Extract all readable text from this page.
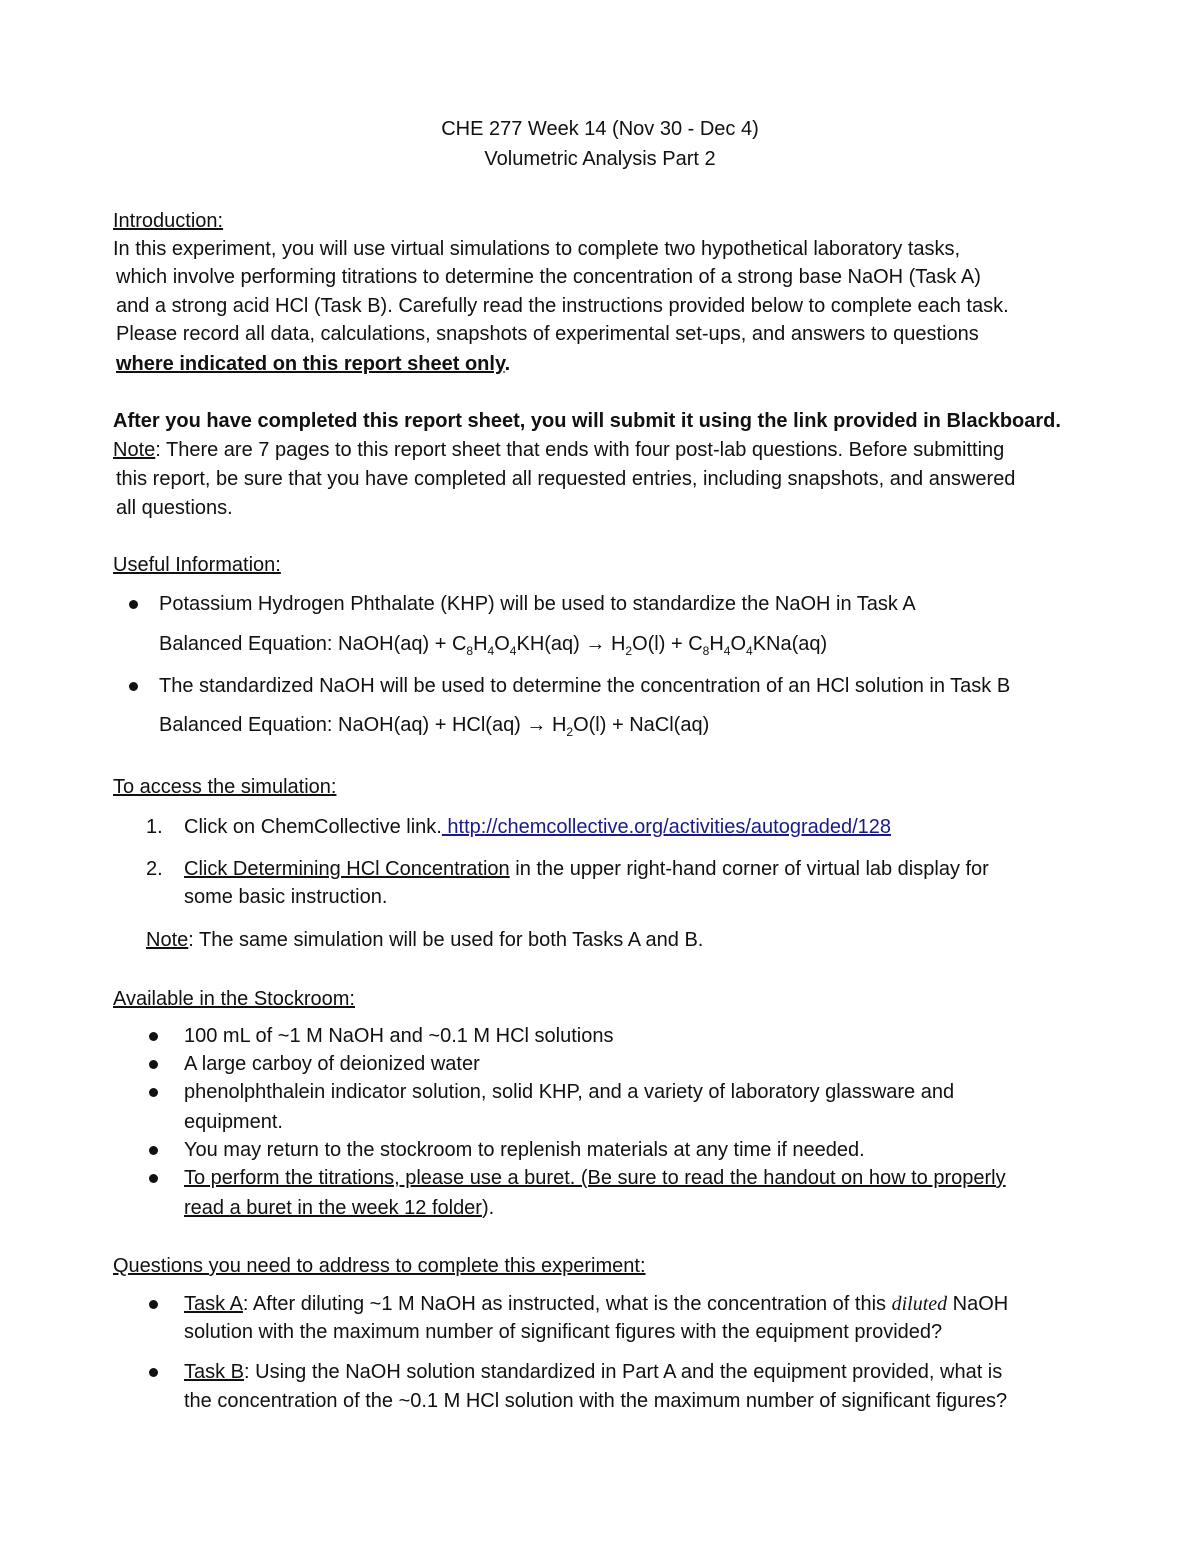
CHE 277 Week 14 (Nov 30 - Dec 4)
Volumetric Analysis Part 2
Introduction:
In this experiment, you will use virtual simulations to complete two hypothetical laboratory tasks,
which involve performing titrations to determine the concentration of a strong base NaOH (Task A)
and a strong acid HCl (Task B). Carefully read the instructions provided below to complete each task.
Please record all data, calculations, snapshots of experimental set-ups, and answers to questions
where indicated on this report sheet only.
After you have completed this report sheet, you will submit it using the link provided in Blackboard.
Note: There are 7 pages to this report sheet that ends with four post-lab questions. Before submitting
this report, be sure that you have completed all requested entries, including snapshots, and answered
all questions.
Useful Information:
Potassium Hydrogen Phthalate (KHP) will be used to standardize the NaOH in Task A
Balanced Equation: NaOH(aq) + $C_8H_4O_4KH(aq) \to H_2O(l) + C_8H_4O_4KNa(aq)$
The standardized NaOH will be used to determine the concentration of an HCl solution in Task B
Balanced Equation: NaOH(aq) + $HCl(aq) \to H_2O(l)$ + NaCl(aq)
To access the simulation:
1. Click on ChemCollective link. http://chemcollective.org/activities/autograded/128
2. Click Determining HCl Concentration in the upper right-hand corner of virtual lab display for
some basic instruction.
Note: The same simulation will be used for both Tasks A and B.
Available in the Stockroom:
100 mL of ~1 M NaOH and ~0.1 M HCl solutions
A large carboy of deionized water
phenolphthalein indicator solution, solid KHP, and a variety of laboratory glassware and
equipment.
You may return to the stockroom to replenish materials at any time if needed.
To perform the titrations, please use a buret. (Be sure to read the handout on how to properly
read a buret in the week 12 folder).
Questions you need to address to complete this experiment:
Task A: After diluting ~1 M NaOH as instructed, what is the concentration of this diluted NaOH
solution with the maximum number of significant figures with the equipment provided?
Task B: Using the NaOH solution standardized in Part A and the equipment provided, what is
the concentration of the ~0.1 M HCl solution with the maximum number of significant figures?
